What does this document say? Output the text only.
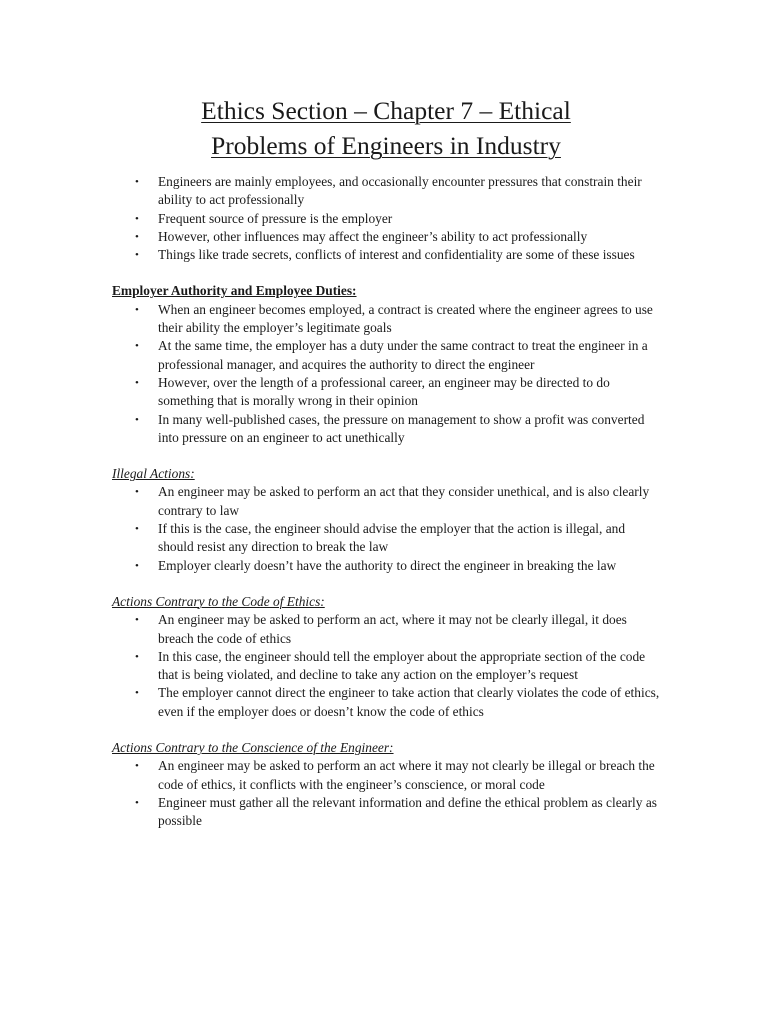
Ethics Section – Chapter 7 – Ethical
Problems of Engineers in Industry
• Engineers are mainly employees, and occasionally encounter pressures that constrain their ability to act professionally
• Frequent source of pressure is the employer
• However, other influences may affect the engineer’s ability to act professionally
• Things like trade secrets, conflicts of interest and confidentiality are some of these issues
Employer Authority and Employee Duties:
• When an engineer becomes employed, a contract is created where the engineer agrees to use their ability the employer’s legitimate goals
• At the same time, the employer has a duty under the same contract to treat the engineer in a professional manager, and acquires the authority to direct the engineer
• However, over the length of a professional career, an engineer may be directed to do something that is morally wrong in their opinion
• In many well-published cases, the pressure on management to show a profit was converted into pressure on an engineer to act unethically
Illegal Actions:
• An engineer may be asked to perform an act that they consider unethical, and is also clearly contrary to law
• If this is the case, the engineer should advise the employer that the action is illegal, and should resist any direction to break the law
• Employer clearly doesn’t have the authority to direct the engineer in breaking the law
Actions Contrary to the Code of Ethics:
• An engineer may be asked to perform an act, where it may not be clearly illegal, it does breach the code of ethics
• In this case, the engineer should tell the employer about the appropriate section of the code that is being violated, and decline to take any action on the employer’s request
• The employer cannot direct the engineer to take action that clearly violates the code of ethics, even if the employer does or doesn’t know the code of ethics
Actions Contrary to the Conscience of the Engineer:
• An engineer may be asked to perform an act where it may not clearly be illegal or breach the code of ethics, it conflicts with the engineer’s conscience, or moral code
• Engineer must gather all the relevant information and define the ethical problem as clearly as possible
